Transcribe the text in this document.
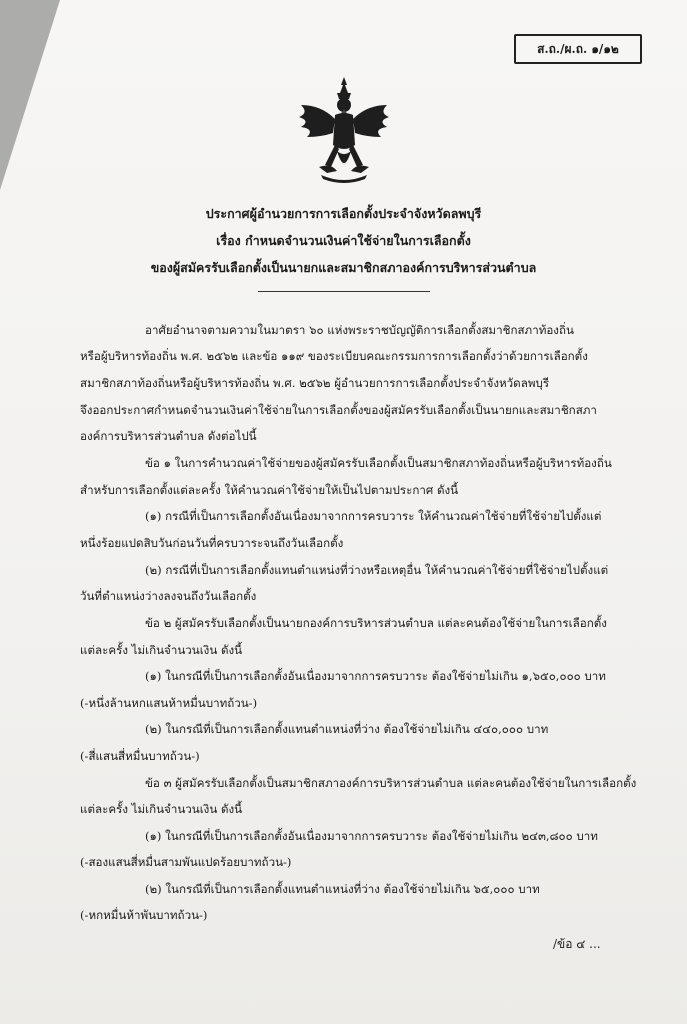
ส.ถ./ผ.ถ. ๑/๑๒
ประกาศผู้อำนวยการการเลือกตั้งประจำจังหวัดลพบุรี
เรื่อง กำหนดจำนวนเงินค่าใช้จ่ายในการเลือกตั้ง
ของผู้สมัครรับเลือกตั้งเป็นนายกและสมาชิกสภาองค์การบริหารส่วนตำบล
อาศัยอำนาจตามความในมาตรา ๖๐ แห่งพระราชบัญญัติการเลือกตั้งสมาชิกสภาท้องถิ่น
หรือผู้บริหารท้องถิ่น พ.ศ. ๒๕๖๒ และข้อ ๑๑๙ ของระเบียบคณะกรรมการการเลือกตั้งว่าด้วยการเลือกตั้ง
สมาชิกสภาท้องถิ่นหรือผู้บริหารท้องถิ่น พ.ศ. ๒๕๖๒ ผู้อำนวยการการเลือกตั้งประจำจังหวัดลพบุรี
จึงออกประกาศกำหนดจำนวนเงินค่าใช้จ่ายในการเลือกตั้งของผู้สมัครรับเลือกตั้งเป็นนายกและสมาชิกสภา
องค์การบริหารส่วนตำบล ดังต่อไปนี้
ข้อ ๑ ในการคำนวณค่าใช้จ่ายของผู้สมัครรับเลือกตั้งเป็นสมาชิกสภาท้องถิ่นหรือผู้บริหารท้องถิ่น
สำหรับการเลือกตั้งแต่ละครั้ง ให้คำนวณค่าใช้จ่ายให้เป็นไปตามประกาศ ดังนี้
(๑) กรณีที่เป็นการเลือกตั้งอันเนื่องมาจากการครบวาระ ให้คำนวณค่าใช้จ่ายที่ใช้จ่ายไปตั้งแต่
หนึ่งร้อยแปดสิบวันก่อนวันที่ครบวาระจนถึงวันเลือกตั้ง
(๒) กรณีที่เป็นการเลือกตั้งแทนตำแหน่งที่ว่างหรือเหตุอื่น ให้คำนวณค่าใช้จ่ายที่ใช้จ่ายไปตั้งแต่
วันที่ตำแหน่งว่างลงจนถึงวันเลือกตั้ง
ข้อ ๒ ผู้สมัครรับเลือกตั้งเป็นนายกองค์การบริหารส่วนตำบล แต่ละคนต้องใช้จ่ายในการเลือกตั้ง
แต่ละครั้ง ไม่เกินจำนวนเงิน ดังนี้
(๑) ในกรณีที่เป็นการเลือกตั้งอันเนื่องมาจากการครบวาระ ต้องใช้จ่ายไม่เกิน ๑,๖๕๐,๐๐๐ บาท
(-หนึ่งล้านหกแสนห้าหมื่นบาทถ้วน-)
(๒) ในกรณีที่เป็นการเลือกตั้งแทนตำแหน่งที่ว่าง ต้องใช้จ่ายไม่เกิน ๔๔๐,๐๐๐ บาท
(-สี่แสนสี่หมื่นบาทถ้วน-)
ข้อ ๓ ผู้สมัครรับเลือกตั้งเป็นสมาชิกสภาองค์การบริหารส่วนตำบล แต่ละคนต้องใช้จ่ายในการเลือกตั้ง
แต่ละครั้ง ไม่เกินจำนวนเงิน ดังนี้
(๑) ในกรณีที่เป็นการเลือกตั้งอันเนื่องมาจากการครบวาระ ต้องใช้จ่ายไม่เกิน ๒๔๓,๘๐๐ บาท
(-สองแสนสี่หมื่นสามพันแปดร้อยบาทถ้วน-)
(๒) ในกรณีที่เป็นการเลือกตั้งแทนตำแหน่งที่ว่าง ต้องใช้จ่ายไม่เกิน ๖๕,๐๐๐ บาท
(-หกหมื่นห้าพันบาทถ้วน-)
/ข้อ ๔ ...
